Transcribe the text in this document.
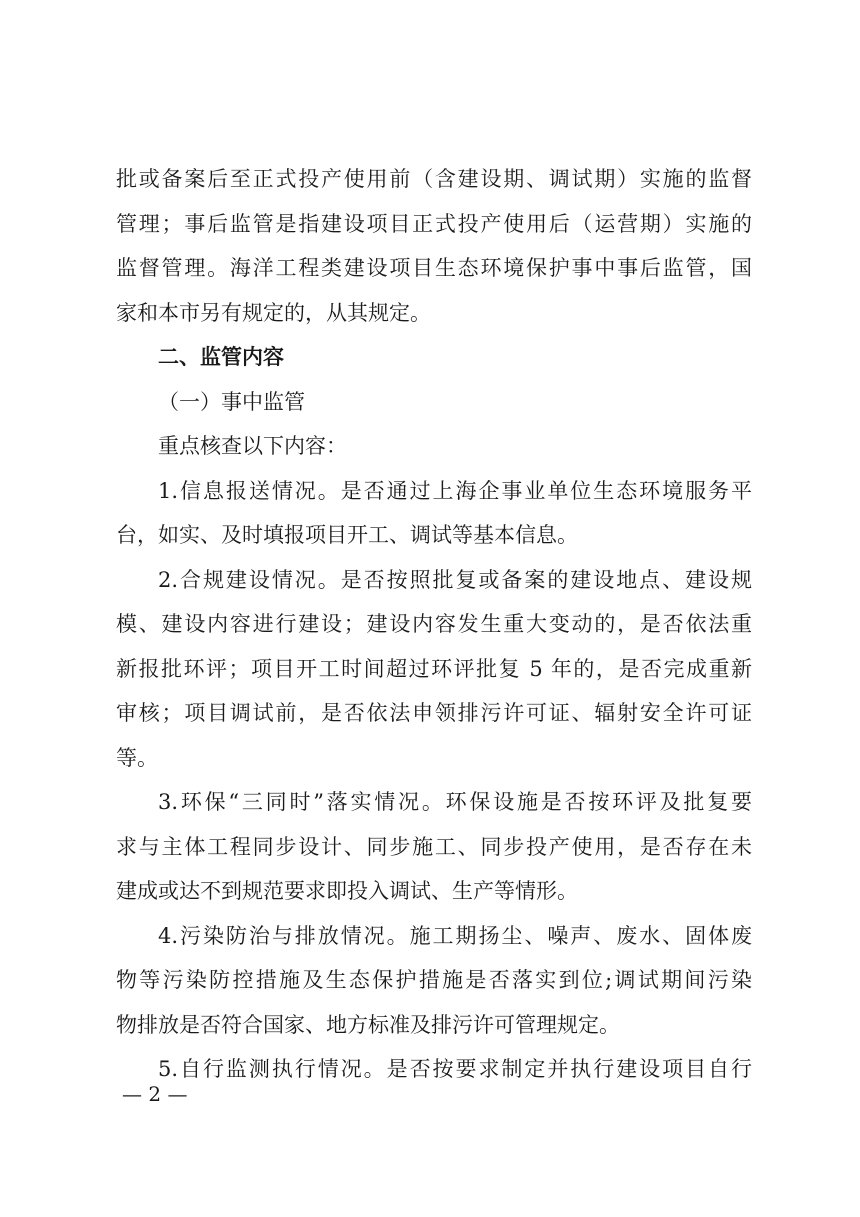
批或备案后至正式投产使用前（含建设期、调试期）实施的监督
管理；事后监管是指建设项目正式投产使用后（运营期）实施的
监督管理。海洋工程类建设项目生态环境保护事中事后监管，国
家和本市另有规定的，从其规定。
二、监管内容
（一）事中监管
重点核查以下内容：
1.信息报送情况。是否通过上海企事业单位生态环境服务平
台，如实、及时填报项目开工、调试等基本信息。
2.合规建设情况。是否按照批复或备案的建设地点、建设规
模、建设内容进行建设；建设内容发生重大变动的，是否依法重
新报批环评；项目开工时间超过环评批复 5 年的，是否完成重新
审核；项目调试前，是否依法申领排污许可证、辐射安全许可证
等。
3.环保“三同时”落实情况。环保设施是否按环评及批复要
求与主体工程同步设计、同步施工、同步投产使用，是否存在未
建成或达不到规范要求即投入调试、生产等情形。
4.污染防治与排放情况。施工期扬尘、噪声、废水、固体废
物等污染防控措施及生态保护措施是否落实到位;调试期间污染
物排放是否符合国家、地方标准及排污许可管理规定。
5.自行监测执行情况。是否按要求制定并执行建设项目自行
— 2 —
